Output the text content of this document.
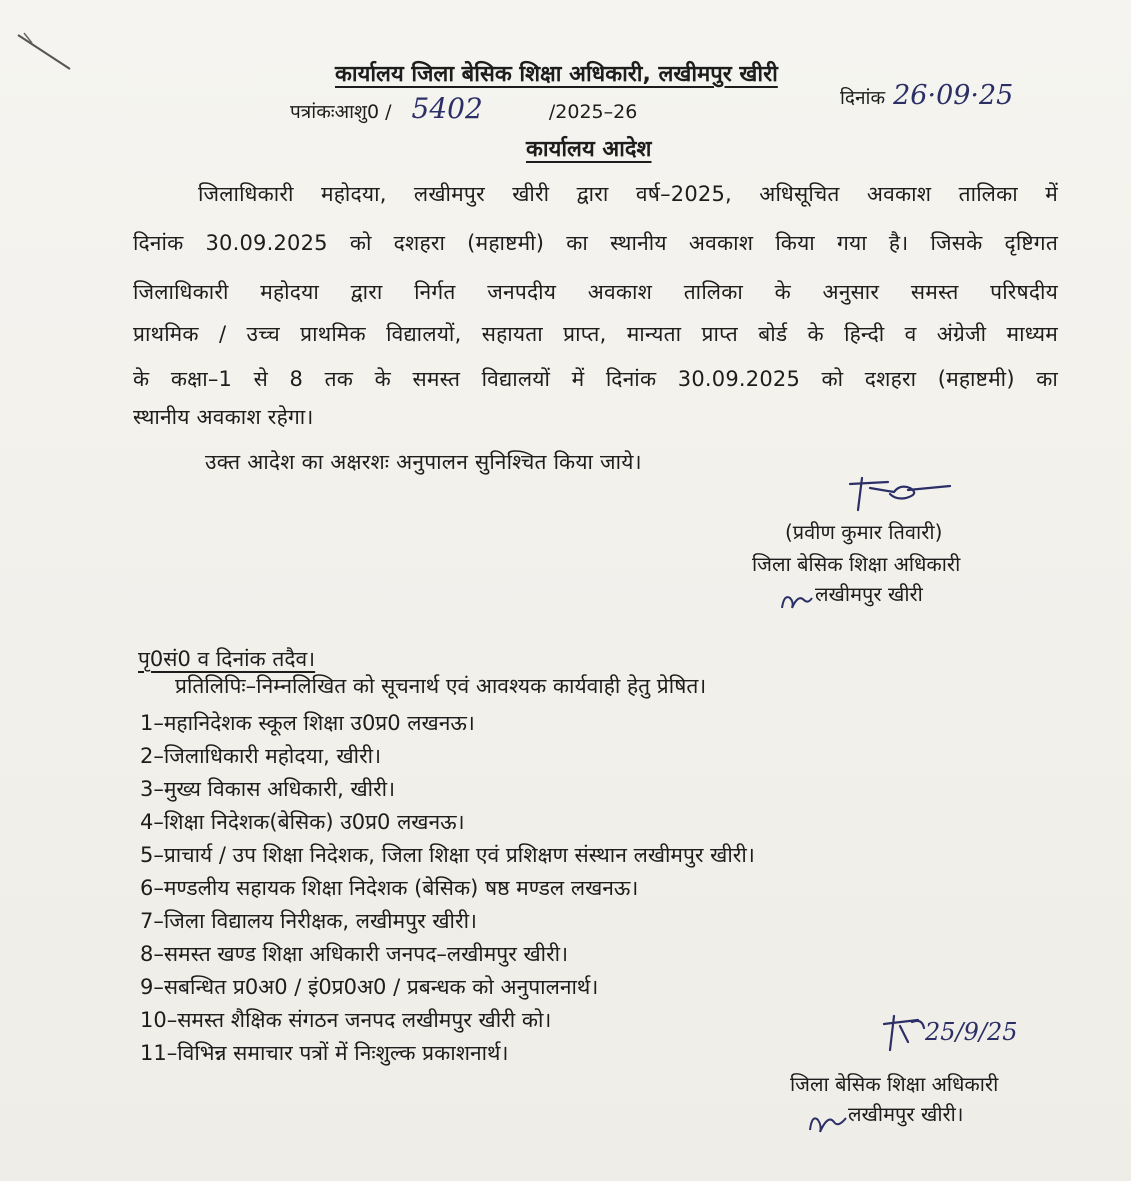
कार्यालय जिला बेसिक शिक्षा अधिकारी, लखीमपुर खीरी
पत्रांकःआशु0 / 5402	/2025–26
दिनांक 26·09·25
कार्यालय आदेश
जिलाधिकारी महोदया, लखीमपुर खीरी द्वारा वर्ष–2025, अधिसूचित अवकाश तालिका में
दिनांक 30.09.2025 को दशहरा (महाष्टमी) का स्थानीय अवकाश किया गया है। जिसके दृष्टिगत
जिलाधिकारी महोदया द्वारा निर्गत जनपदीय अवकाश तालिका के अनुसार समस्त परिषदीय
प्राथमिक / उच्च प्राथमिक विद्यालयों, सहायता प्राप्त, मान्यता प्राप्त बोर्ड के हिन्दी व अंग्रेजी माध्यम
के कक्षा–1 से 8 तक के समस्त विद्यालयों में दिनांक 30.09.2025 को दशहरा (महाष्टमी) का
स्थानीय अवकाश रहेगा।
उक्त आदेश का अक्षरशः अनुपालन सुनिश्चित किया जाये।
(प्रवीण कुमार तिवारी)
जिला बेसिक शिक्षा अधिकारी
लखीमपुर खीरी
पृ0सं0 व दिनांक तदैव।
प्रतिलिपिः–निम्नलिखित को सूचनार्थ एवं आवश्यक कार्यवाही हेतु प्रेषित।
1–महानिदेशक स्कूल शिक्षा उ0प्र0 लखनऊ।
2–जिलाधिकारी महोदया, खीरी।
3–मुख्य विकास अधिकारी, खीरी।
4–शिक्षा निदेशक(बेसिक) उ0प्र0 लखनऊ।
5–प्राचार्य / उप शिक्षा निदेशक, जिला शिक्षा एवं प्रशिक्षण संस्थान लखीमपुर खीरी।
6–मण्डलीय सहायक शिक्षा निदेशक (बेसिक) षष्ठ मण्डल लखनऊ।
7–जिला विद्यालय निरीक्षक, लखीमपुर खीरी।
8–समस्त खण्ड शिक्षा अधिकारी जनपद–लखीमपुर खीरी।
9–सबन्धित प्र0अ0 / इं0प्र0अ0 / प्रबन्धक को अनुपालनार्थ।
10–समस्त शैक्षिक संगठन जनपद लखीमपुर खीरी को।
11–विभिन्न समाचार पत्रों में निःशुल्क प्रकाशनार्थ।
25/9/25
जिला बेसिक शिक्षा अधिकारी
लखीमपुर खीरी।
